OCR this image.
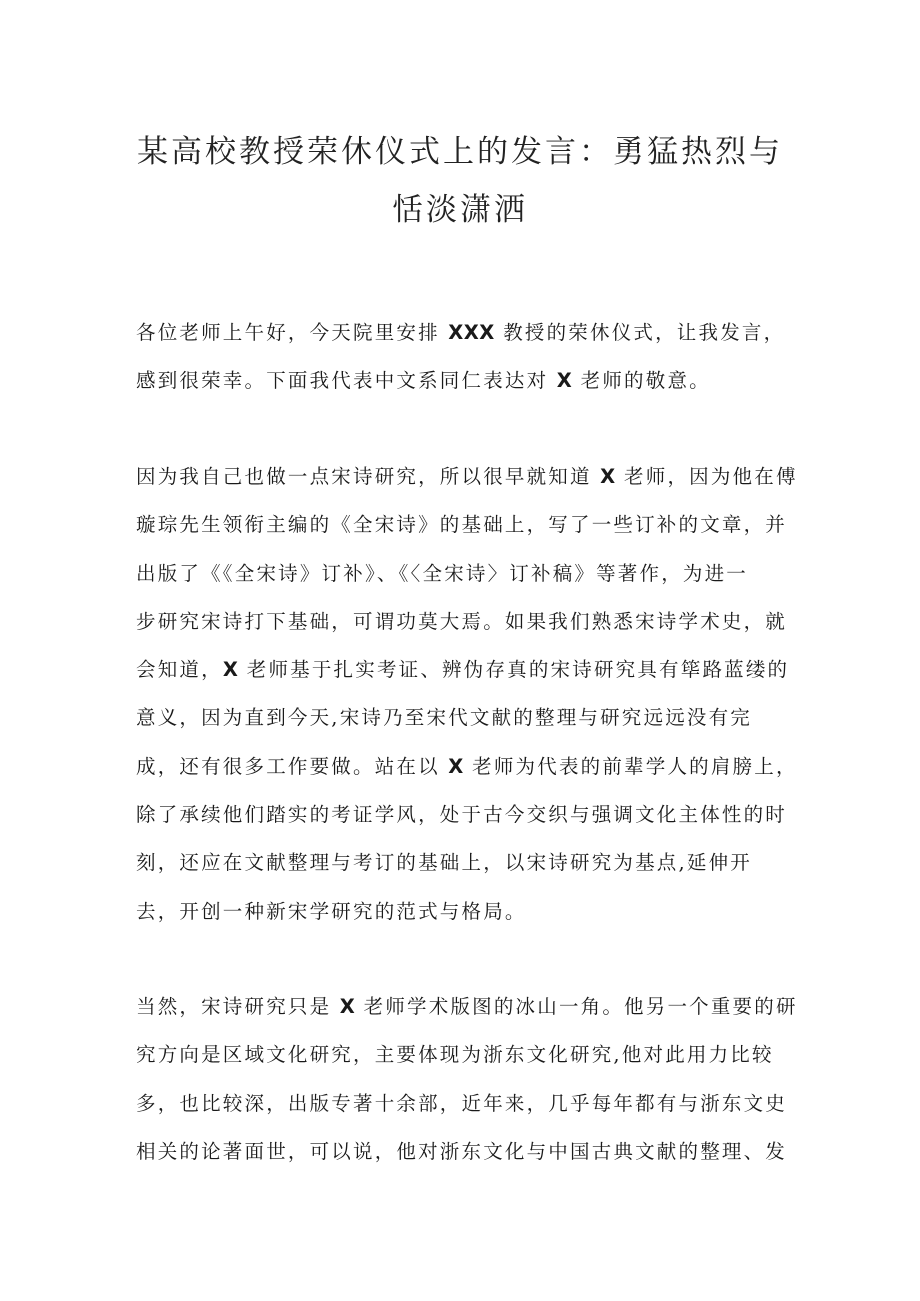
某高校教授荣休仪式上的发言：勇猛热烈与
恬淡潇洒
各位老师上午好，今天院里安排 XXX 教授的荣休仪式，让我发言，
感到很荣幸。下面我代表中文系同仁表达对 X 老师的敬意。
因为我自己也做一点宋诗研究，所以很早就知道 X 老师，因为他在傅
璇琮先生领衔主编的《全宋诗》的基础上，写了一些订补的文章，并
出版了《《全宋诗》订补》、《〈全宋诗〉订补稿》等著作，为进一
步研究宋诗打下基础，可谓功莫大焉。如果我们熟悉宋诗学术史，就
会知道，X 老师基于扎实考证、辨伪存真的宋诗研究具有筚路蓝缕的
意义，因为直到今天,宋诗乃至宋代文献的整理与研究远远没有完
成，还有很多工作要做。站在以 X 老师为代表的前辈学人的肩膀上，
除了承续他们踏实的考证学风，处于古今交织与强调文化主体性的时
刻，还应在文献整理与考订的基础上，以宋诗研究为基点,延伸开
去，开创一种新宋学研究的范式与格局。
当然，宋诗研究只是 X 老师学术版图的冰山一角。他另一个重要的研
究方向是区域文化研究，主要体现为浙东文化研究,他对此用力比较
多，也比较深，出版专著十余部，近年来，几乎每年都有与浙东文史
相关的论著面世，可以说，他对浙东文化与中国古典文献的整理、发
